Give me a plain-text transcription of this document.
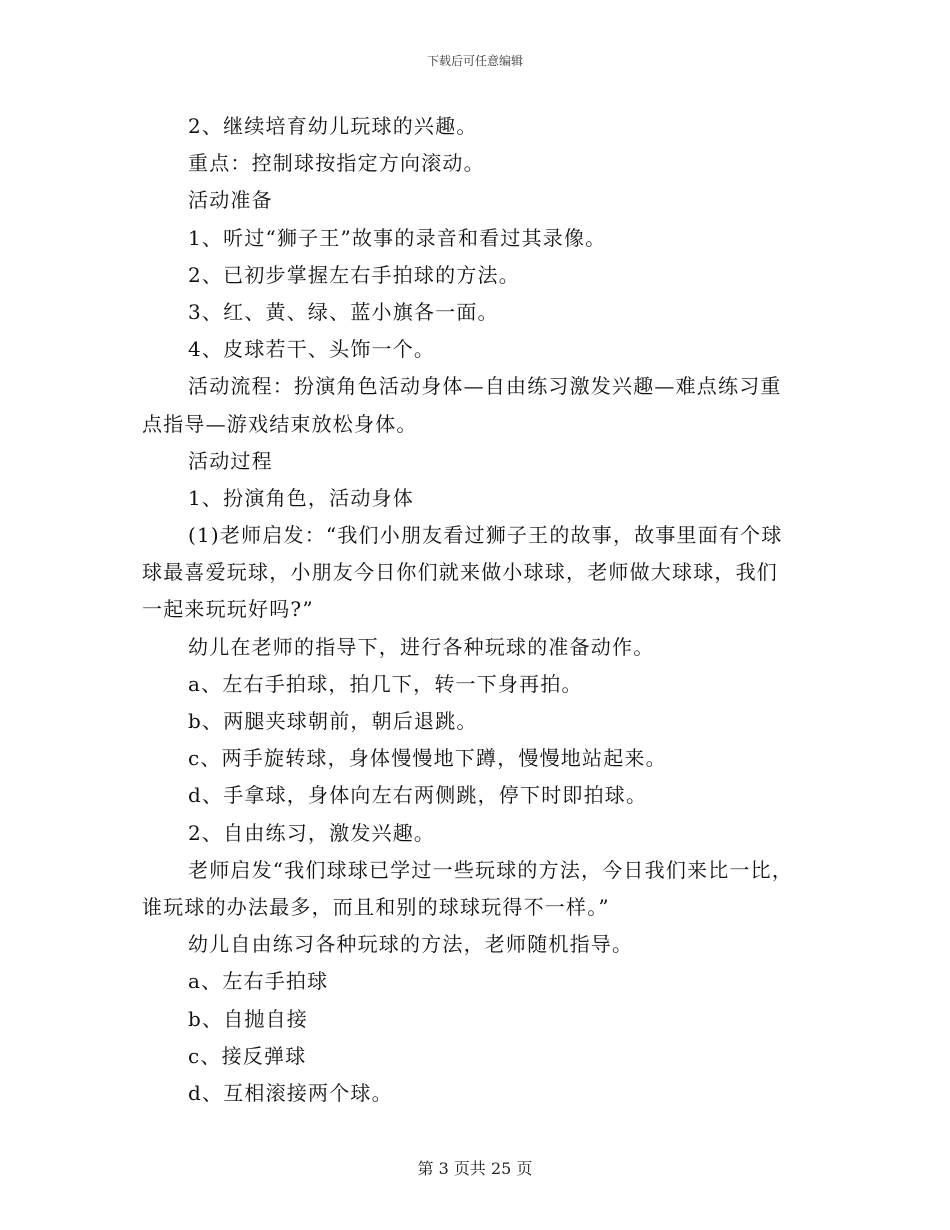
下载后可任意编辑
2、继续培育幼儿玩球的兴趣。
重点：控制球按指定方向滚动。
活动准备
1、听过“狮子王”故事的录音和看过其录像。
2、已初步掌握左右手拍球的方法。
3、红、黄、绿、蓝小旗各一面。
4、皮球若干、头饰一个。
活动流程：扮演角色活动身体—自由练习激发兴趣—难点练习重
点指导—游戏结束放松身体。
活动过程
1、扮演角色，活动身体
(1)老师启发：“我们小朋友看过狮子王的故事，故事里面有个球
球最喜爱玩球，小朋友今日你们就来做小球球，老师做大球球，我们
一起来玩玩好吗?”
幼儿在老师的指导下，进行各种玩球的准备动作。
a、左右手拍球，拍几下，转一下身再拍。
b、两腿夹球朝前，朝后退跳。
c、两手旋转球，身体慢慢地下蹲，慢慢地站起来。
d、手拿球，身体向左右两侧跳，停下时即拍球。
2、自由练习，激发兴趣。
老师启发“我们球球已学过一些玩球的方法，今日我们来比一比，
谁玩球的办法最多，而且和别的球球玩得不一样。”
幼儿自由练习各种玩球的方法，老师随机指导。
a、左右手拍球
b、自抛自接
c、接反弹球
d、互相滚接两个球。
第 3 页共 25 页
